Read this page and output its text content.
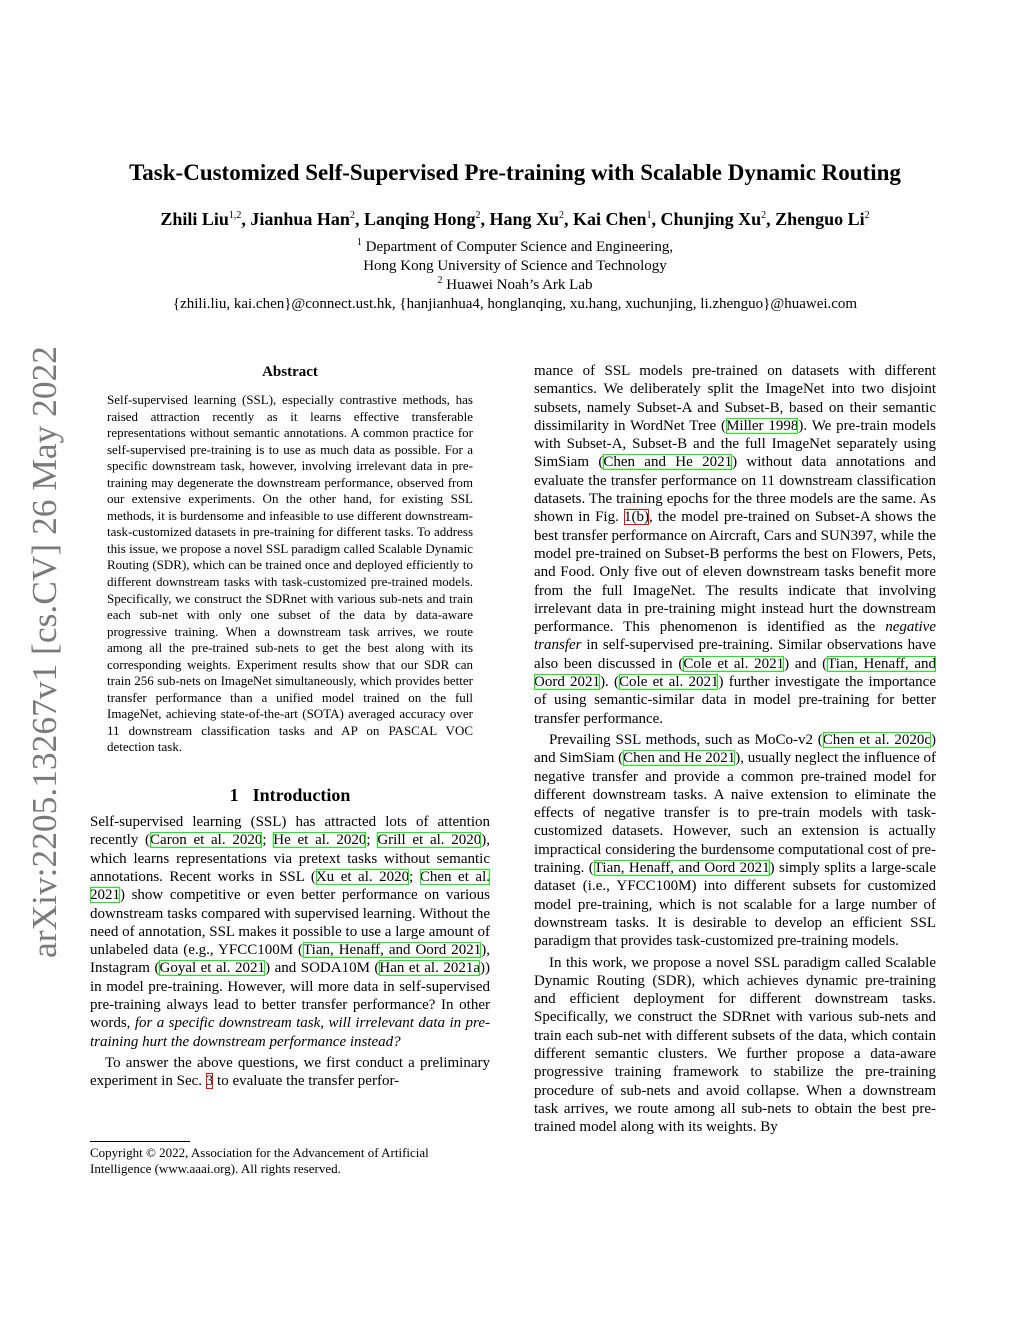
arXiv:2205.13267v1 [cs.CV] 26 May 2022
Task-Customized Self-Supervised Pre-training with Scalable Dynamic Routing
Zhili Liu$^{1,2}$, Jianhua Han$^2$, Lanqing Hong$^2$, Hang Xu$^2$, Kai Chen$^1$, Chunjing Xu$^2$, Zhenguo Li$^2$
$^1$ Department of Computer Science and Engineering,
Hong Kong University of Science and Technology
$^2$ Huawei Noah’s Ark Lab
{zhili.liu, kai.chen}@connect.ust.hk, {hanjianhua4, honglanqing, xu.hang, xuchunjing, li.zhenguo}@huawei.com
Abstract

Self-supervised learning (SSL), especially contrastive methods, has raised attraction recently as it learns effective transferable representations without semantic annotations. A common practice for self-supervised pre-training is to use as much data as possible. For a specific downstream task, however, involving irrelevant data in pre-training may degenerate the downstream performance, observed from our extensive experiments. On the other hand, for existing SSL methods, it is burdensome and infeasible to use different downstream-task-customized datasets in pre-training for different tasks. To address this issue, we propose a novel SSL paradigm called Scalable Dynamic Routing (SDR), which can be trained once and deployed efficiently to different downstream tasks with task-customized pre-trained models. Specifically, we construct the SDRnet with various sub-nets and train each sub-net with only one subset of the data by data-aware progressive training. When a downstream task arrives, we route among all the pre-trained sub-nets to get the best along with its corresponding weights. Experiment results show that our SDR can train 256 sub-nets on ImageNet simultaneously, which provides better transfer performance than a unified model trained on the full ImageNet, achieving state-of-the-art (SOTA) averaged accuracy over 11 downstream classification tasks and AP on PASCAL VOC detection task.

1 Introduction

Self-supervised learning (SSL) has attracted lots of attention recently (Caron et al. 2020; He et al. 2020; Grill et al. 2020), which learns representations via pretext tasks without semantic annotations. Recent works in SSL (Xu et al. 2020; Chen et al. 2021) show competitive or even better performance on various downstream tasks compared with supervised learning. Without the need of annotation, SSL makes it possible to use a large amount of unlabeled data (e.g., YFCC100M (Tian, Henaff, and Oord 2021), Instagram (Goyal et al. 2021) and SODA10M (Han et al. 2021a)) in model pre-training. However, will more data in self-supervised pre-training always lead to better transfer performance? In other words, for a specific downstream task, will irrelevant data in pre-training hurt the downstream performance instead?

To answer the above questions, we first conduct a preliminary experiment in Sec. 3 to evaluate the transfer perfor-

mance of SSL models pre-trained on datasets with different semantics. We deliberately split the ImageNet into two disjoint subsets, namely Subset-A and Subset-B, based on their semantic dissimilarity in WordNet Tree (Miller 1998). We pre-train models with Subset-A, Subset-B and the full ImageNet separately using SimSiam (Chen and He 2021) without data annotations and evaluate the transfer performance on 11 downstream classification datasets. The training epochs for the three models are the same. As shown in Fig. 1(b), the model pre-trained on Subset-A shows the best transfer performance on Aircraft, Cars and SUN397, while the model pre-trained on Subset-B performs the best on Flowers, Pets, and Food. Only five out of eleven downstream tasks benefit more from the full ImageNet. The results indicate that involving irrelevant data in pre-training might instead hurt the downstream performance. This phenomenon is identified as the negative transfer in self-supervised pre-training. Similar observations have also been discussed in (Cole et al. 2021) and (Tian, Henaff, and Oord 2021). (Cole et al. 2021) further investigate the importance of using semantic-similar data in model pre-training for better transfer performance.

Prevailing SSL methods, such as MoCo-v2 (Chen et al. 2020c) and SimSiam (Chen and He 2021), usually neglect the influence of negative transfer and provide a common pre-trained model for different downstream tasks. A naive extension to eliminate the effects of negative transfer is to pre-train models with task-customized datasets. However, such an extension is actually impractical considering the burdensome computational cost of pre-training. (Tian, Henaff, and Oord 2021) simply splits a large-scale dataset (i.e., YFCC100M) into different subsets for customized model pre-training, which is not scalable for a large number of downstream tasks. It is desirable to develop an efficient SSL paradigm that provides task-customized pre-training models.

In this work, we propose a novel SSL paradigm called Scalable Dynamic Routing (SDR), which achieves dynamic pre-training and efficient deployment for different downstream tasks. Specifically, we construct the SDRnet with various sub-nets and train each sub-net with different subsets of the data, which contain different semantic clusters. We further propose a data-aware progressive training framework to stabilize the pre-training procedure of sub-nets and avoid collapse. When a downstream task arrives, we route among all sub-nets to obtain the best pre-trained model along with its weights. By

Copyright © 2022, Association for the Advancement of Artificial Intelligence (www.aaai.org). All rights reserved.
